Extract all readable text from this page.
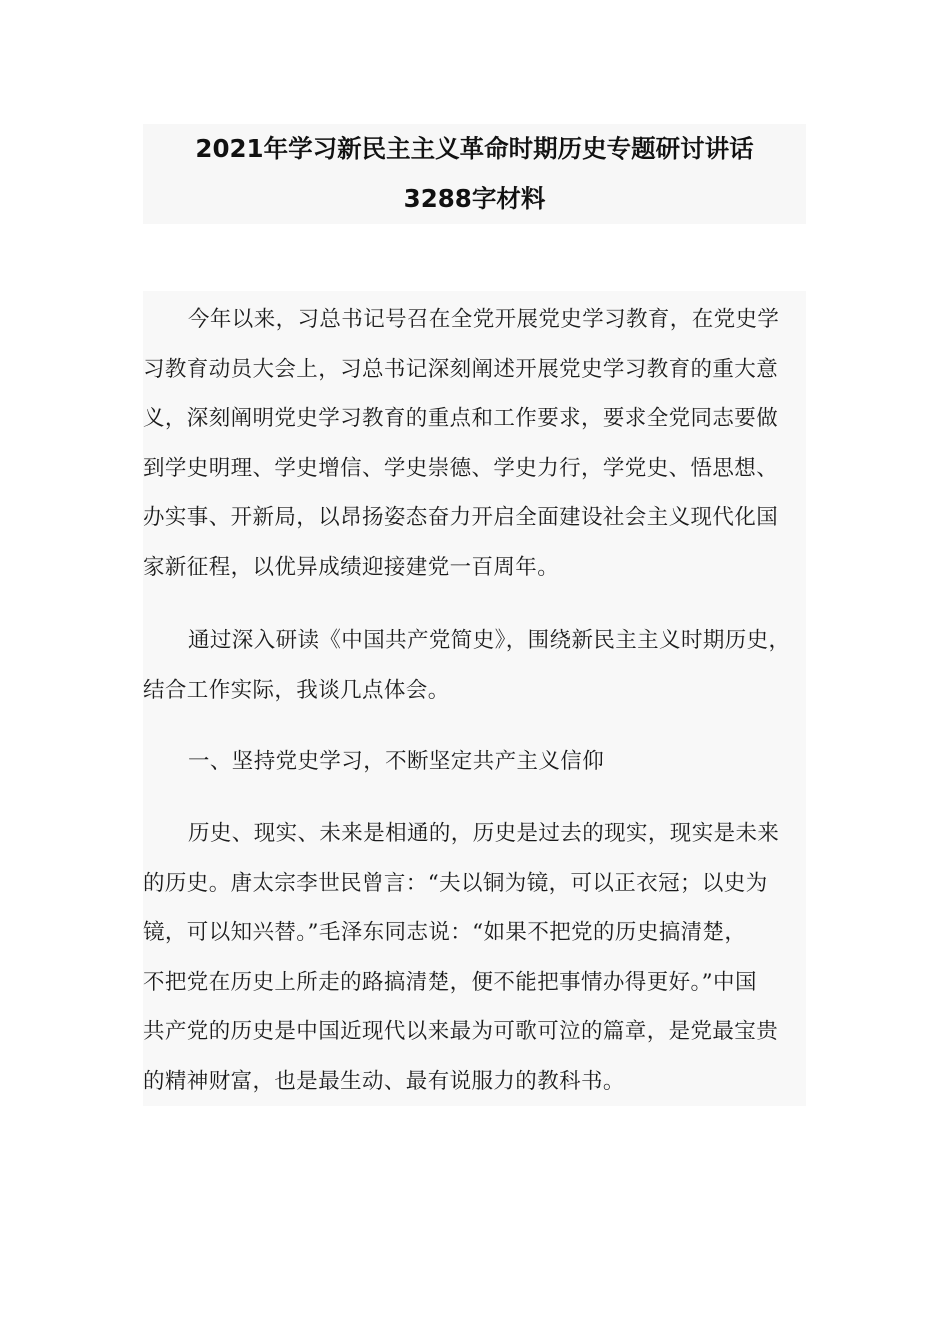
2021年学习新民主主义革命时期历史专题研讨讲话
3288字材料

今年以来，习总书记号召在全党开展党史学习教育，在党史学
习教育动员大会上，习总书记深刻阐述开展党史学习教育的重大意
义，深刻阐明党史学习教育的重点和工作要求，要求全党同志要做
到学史明理、学史增信、学史崇德、学史力行，学党史、悟思想、
办实事、开新局，以昂扬姿态奋力开启全面建设社会主义现代化国
家新征程，以优异成绩迎接建党一百周年。

通过深入研读《中国共产党简史》，围绕新民主主义时期历史，
结合工作实际，我谈几点体会。

一、坚持党史学习，不断坚定共产主义信仰

历史、现实、未来是相通的，历史是过去的现实，现实是未来
的历史。唐太宗李世民曾言：“夫以铜为镜，可以正衣冠；以史为
镜，可以知兴替。”毛泽东同志说：“如果不把党的历史搞清楚，
不把党在历史上所走的路搞清楚，便不能把事情办得更好。”中国
共产党的历史是中国近现代以来最为可歌可泣的篇章，是党最宝贵
的精神财富，也是最生动、最有说服力的教科书。
